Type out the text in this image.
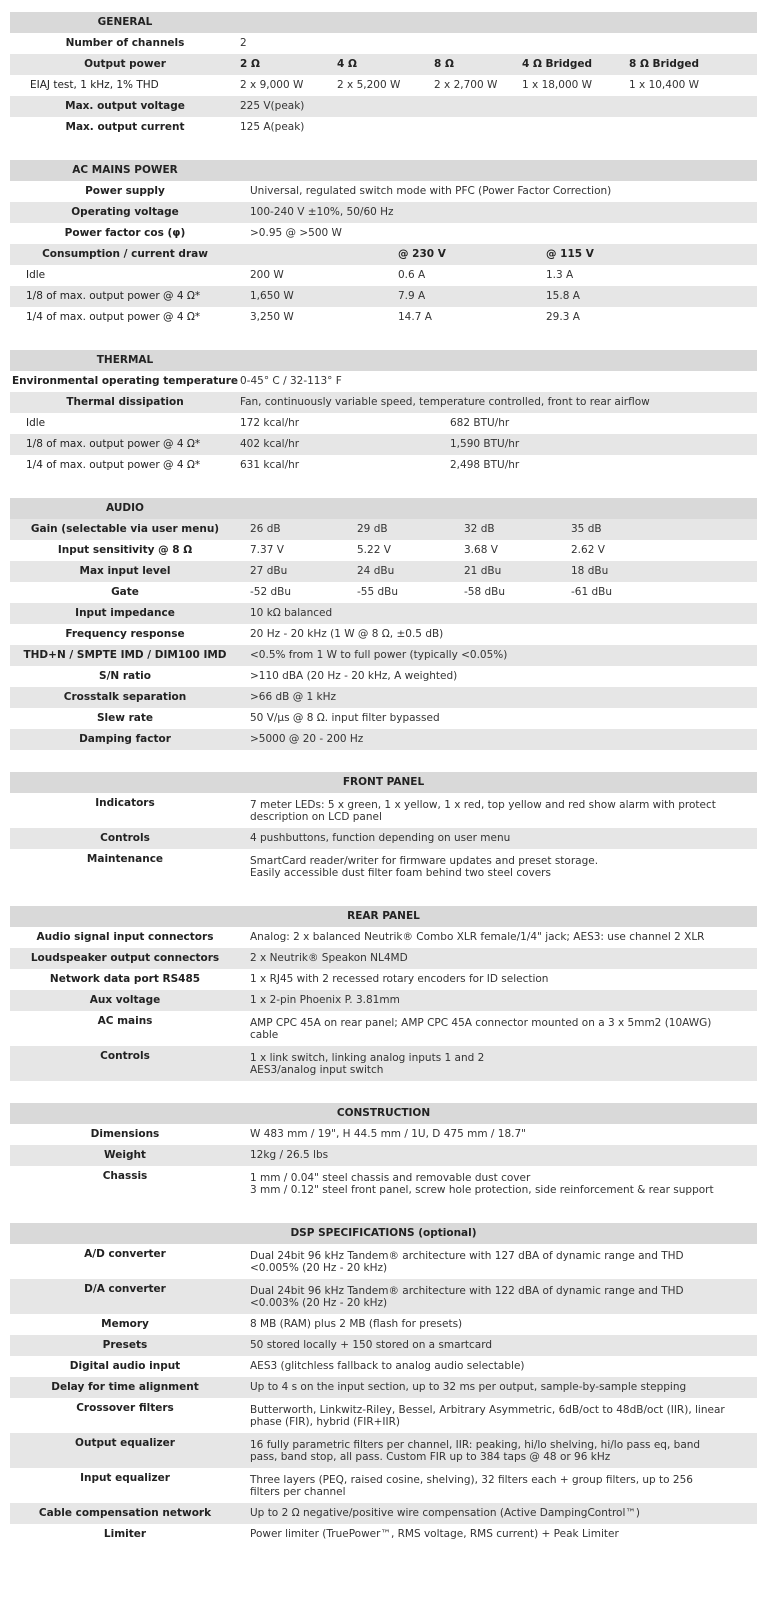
GENERAL
Number of channels	2
Output power	2 Ω	4 Ω	8 Ω	4 Ω Bridged	8 Ω Bridged
EIAJ test, 1 kHz, 1% THD	2 x 9,000 W	2 x 5,200 W	2 x 2,700 W	1 x 18,000 W	1 x 10,400 W
Max. output voltage	225 V(peak)
Max. output current	125 A(peak)
AC MAINS POWER
Power supply	Universal, regulated switch mode with PFC (Power Factor Correction)
Operating voltage	100-240 V ±10%, 50/60 Hz
Power factor cos (φ)	>0.95 @ >500 W
Consumption / current draw	@ 230 V	@ 115 V
Idle	200 W	0.6 A	1.3 A
1/8 of max. output power @ 4 Ω*	1,650 W	7.9 A	15.8 A
1/4 of max. output power @ 4 Ω*	3,250 W	14.7 A	29.3 A
THERMAL
Environmental operating temperature 0-45° C / 32-113° F
Thermal dissipation	Fan, continuously variable speed, temperature controlled, front to rear airflow
Idle	172 kcal/hr	682 BTU/hr
1/8 of max. output power @ 4 Ω*	402 kcal/hr	1,590 BTU/hr
1/4 of max. output power @ 4 Ω*	631 kcal/hr	2,498 BTU/hr
AUDIO
Gain (selectable via user menu)	26 dB	29 dB	32 dB	35 dB
Input sensitivity @ 8 Ω	7.37 V	5.22 V	3.68 V	2.62 V
Max input level	27 dBu	24 dBu	21 dBu	18 dBu
Gate	-52 dBu	-55 dBu	-58 dBu	-61 dBu
Input impedance	10 kΩ balanced
Frequency response	20 Hz - 20 kHz (1 W @ 8 Ω, ±0.5 dB)
THD+N / SMPTE IMD / DIM100 IMD	<0.5% from 1 W to full power (typically <0.05%)
S/N ratio	>110 dBA (20 Hz - 20 kHz, A weighted)
Crosstalk separation	>66 dB @ 1 kHz
Slew rate	50 V/μs @ 8 Ω. input filter bypassed
Damping factor	>5000 @ 20 - 200 Hz
FRONT PANEL
Indicators	7 meter LEDs: 5 x green, 1 x yellow, 1 x red, top yellow and red show alarm with protect
description on LCD panel
Controls	4 pushbuttons, function depending on user menu
Maintenance	SmartCard reader/writer for firmware updates and preset storage.
Easily accessible dust filter foam behind two steel covers
REAR PANEL
Audio signal input connectors	Analog: 2 x balanced Neutrik® Combo XLR female/1/4" jack; AES3: use channel 2 XLR
Loudspeaker output connectors	2 x Neutrik® Speakon NL4MD
Network data port RS485	1 x RJ45 with 2 recessed rotary encoders for ID selection
Aux voltage	1 x 2-pin Phoenix P. 3.81mm
AC mains	AMP CPC 45A on rear panel; AMP CPC 45A connector mounted on a 3 x 5mm2 (10AWG)
cable
Controls	1 x link switch, linking analog inputs 1 and 2
AES3/analog input switch
CONSTRUCTION
Dimensions	W 483 mm / 19", H 44.5 mm / 1U, D 475 mm / 18.7"
Weight	12kg / 26.5 lbs
Chassis	1 mm / 0.04" steel chassis and removable dust cover
3 mm / 0.12" steel front panel, screw hole protection, side reinforcement & rear support
DSP SPECIFICATIONS (optional)
A/D converter	Dual 24bit 96 kHz Tandem® architecture with 127 dBA of dynamic range and THD
<0.005% (20 Hz - 20 kHz)
D/A converter	Dual 24bit 96 kHz Tandem® architecture with 122 dBA of dynamic range and THD
<0.003% (20 Hz - 20 kHz)
Memory	8 MB (RAM) plus 2 MB (flash for presets)
Presets	50 stored locally + 150 stored on a smartcard
Digital audio input	AES3 (glitchless fallback to analog audio selectable)
Delay for time alignment	Up to 4 s on the input section, up to 32 ms per output, sample-by-sample stepping
Crossover filters	Butterworth, Linkwitz-Riley, Bessel, Arbitrary Asymmetric, 6dB/oct to 48dB/oct (IIR), linear
phase (FIR), hybrid (FIR+IIR)
Output equalizer	16 fully parametric filters per channel, IIR: peaking, hi/lo shelving, hi/lo pass eq, band
pass, band stop, all pass. Custom FIR up to 384 taps @ 48 or 96 kHz
Input equalizer	Three layers (PEQ, raised cosine, shelving), 32 filters each + group filters, up to 256
filters per channel
Cable compensation network	Up to 2 Ω negative/positive wire compensation (Active DampingControl™)
Limiter	Power limiter (TruePower™, RMS voltage, RMS current) + Peak Limiter
